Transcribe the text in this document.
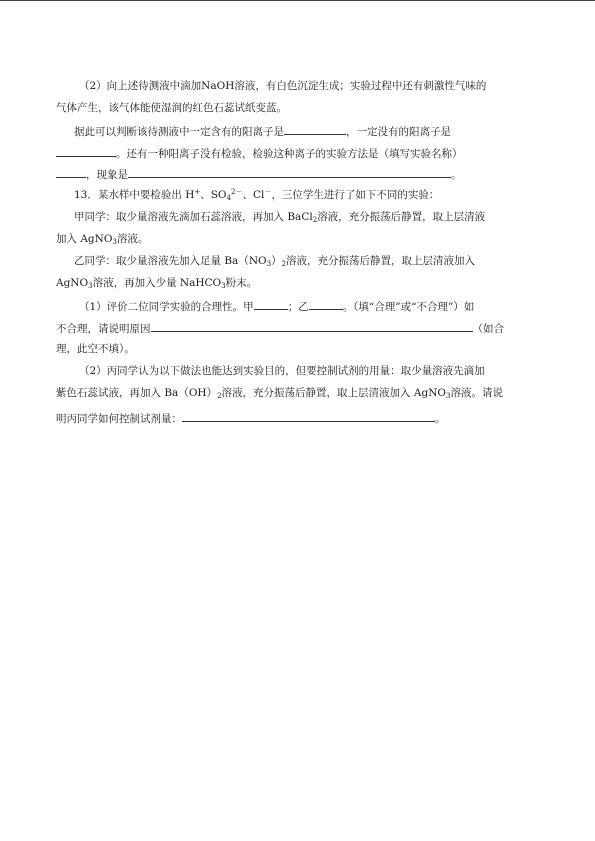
（2）向上述待测液中滴加NaOH溶液，有白色沉淀生成；实验过程中还有刺激性气味的
气体产生，该气体能使湿润的红色石蕊试纸变蓝。
据此可以判断该待测液中一定含有的阳离子是	，一定没有的阳离子是
。还有一种阳离子没有检验，检验这种离子的实验方法是（填写实验名称）
，现象是	。
13．某水样中要检验出 H+、$SO_4^{2-}$、Cl－，三位学生进行了如下不同的实验：
甲同学：取少量溶液先滴加石蕊溶液，再加入 BaCl$_2$溶液，充分振荡后静置，取上层清液
加入 AgNO$_3$溶液。
乙同学：取少量溶液先加入足量 $Ba(NO_3)_2$溶液，充分振荡后静置，取上层清液加入
AgNO$_3$溶液，再加入少量 NaHCO$_3$粉末。
（1）评价二位同学实验的合理性。甲	；乙	。（填“合理”或“不合理”）如
不合理，请说明原因	（如合
理，此空不填）。
（2）丙同学认为以下做法也能达到实验目的，但要控制试剂的用量：取少量溶液先滴加
紫色石蕊试液，再加入 $Ba(OH)_2$溶液，充分振荡后静置，取上层清液加入 AgNO$_3$溶液。请说
明丙同学如何控制试剂量：	。
